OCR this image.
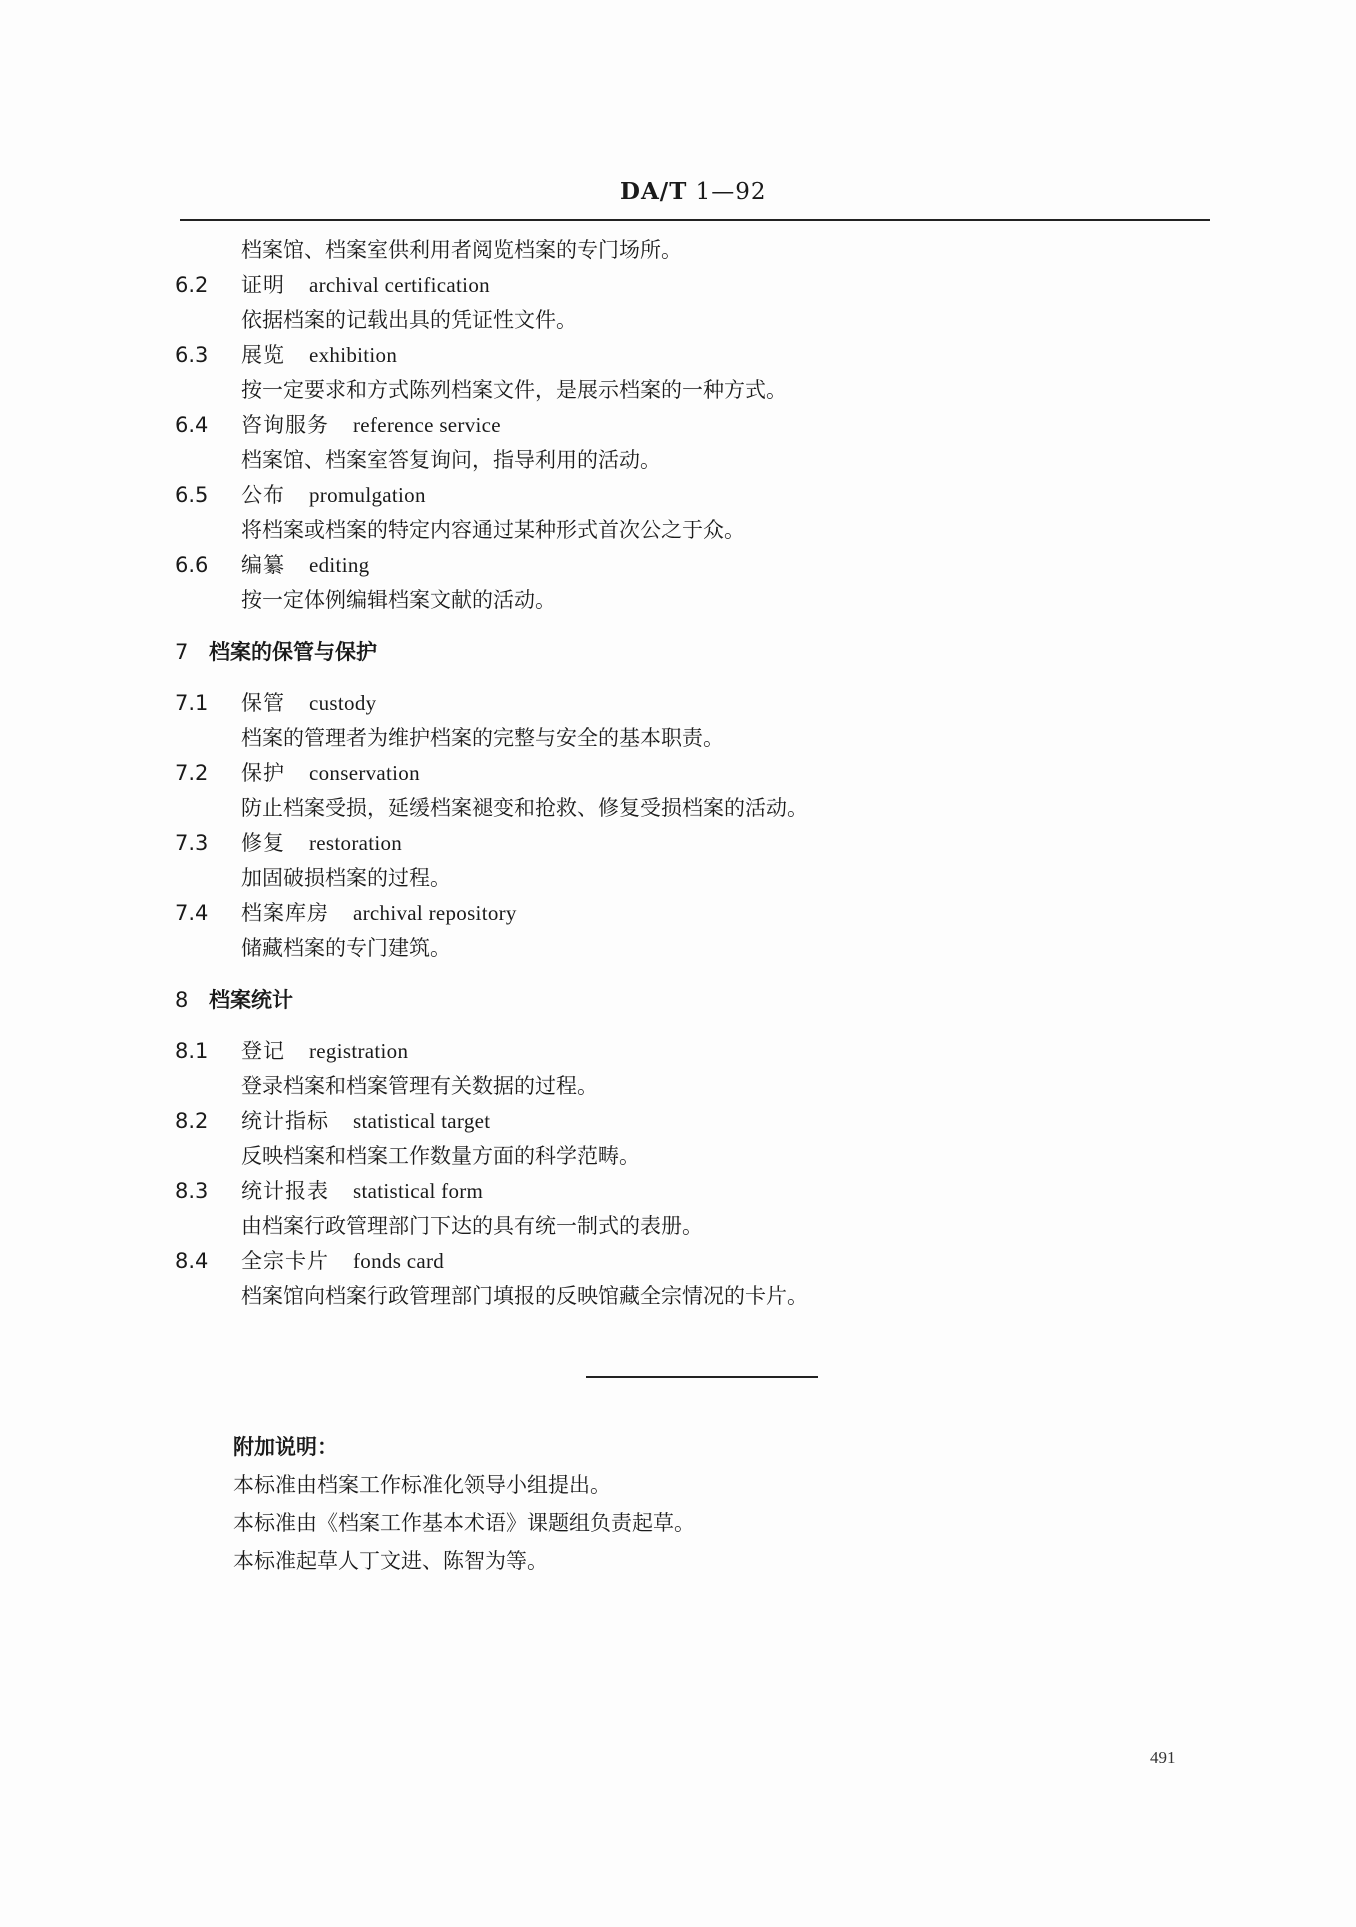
DA/T 1—92
档案馆、档案室供利用者阅览档案的专门场所。
6.2	证明 archival certification
依据档案的记载出具的凭证性文件。
6.3	展览 exhibition
按一定要求和方式陈列档案文件，是展示档案的一种方式。
6.4	咨询服务 reference service
档案馆、档案室答复询问，指导利用的活动。
6.5	公布 promulgation
将档案或档案的特定内容通过某种形式首次公之于众。
6.6	编纂 editing
按一定体例编辑档案文献的活动。
7 档案的保管与保护
7.1	保管 custody
档案的管理者为维护档案的完整与安全的基本职责。
7.2	保护 conservation
防止档案受损，延缓档案褪变和抢救、修复受损档案的活动。
7.3	修复 restoration
加固破损档案的过程。
7.4	档案库房 archival repository
储藏档案的专门建筑。
8 档案统计
8.1	登记 registration
登录档案和档案管理有关数据的过程。
8.2	统计指标 statistical target
反映档案和档案工作数量方面的科学范畴。
8.3	统计报表 statistical form
由档案行政管理部门下达的具有统一制式的表册。
8.4	全宗卡片 fonds card
档案馆向档案行政管理部门填报的反映馆藏全宗情况的卡片。
附加说明：
本标准由档案工作标准化领导小组提出。
本标准由《档案工作基本术语》课题组负责起草。
本标准起草人丁文进、陈智为等。
491
